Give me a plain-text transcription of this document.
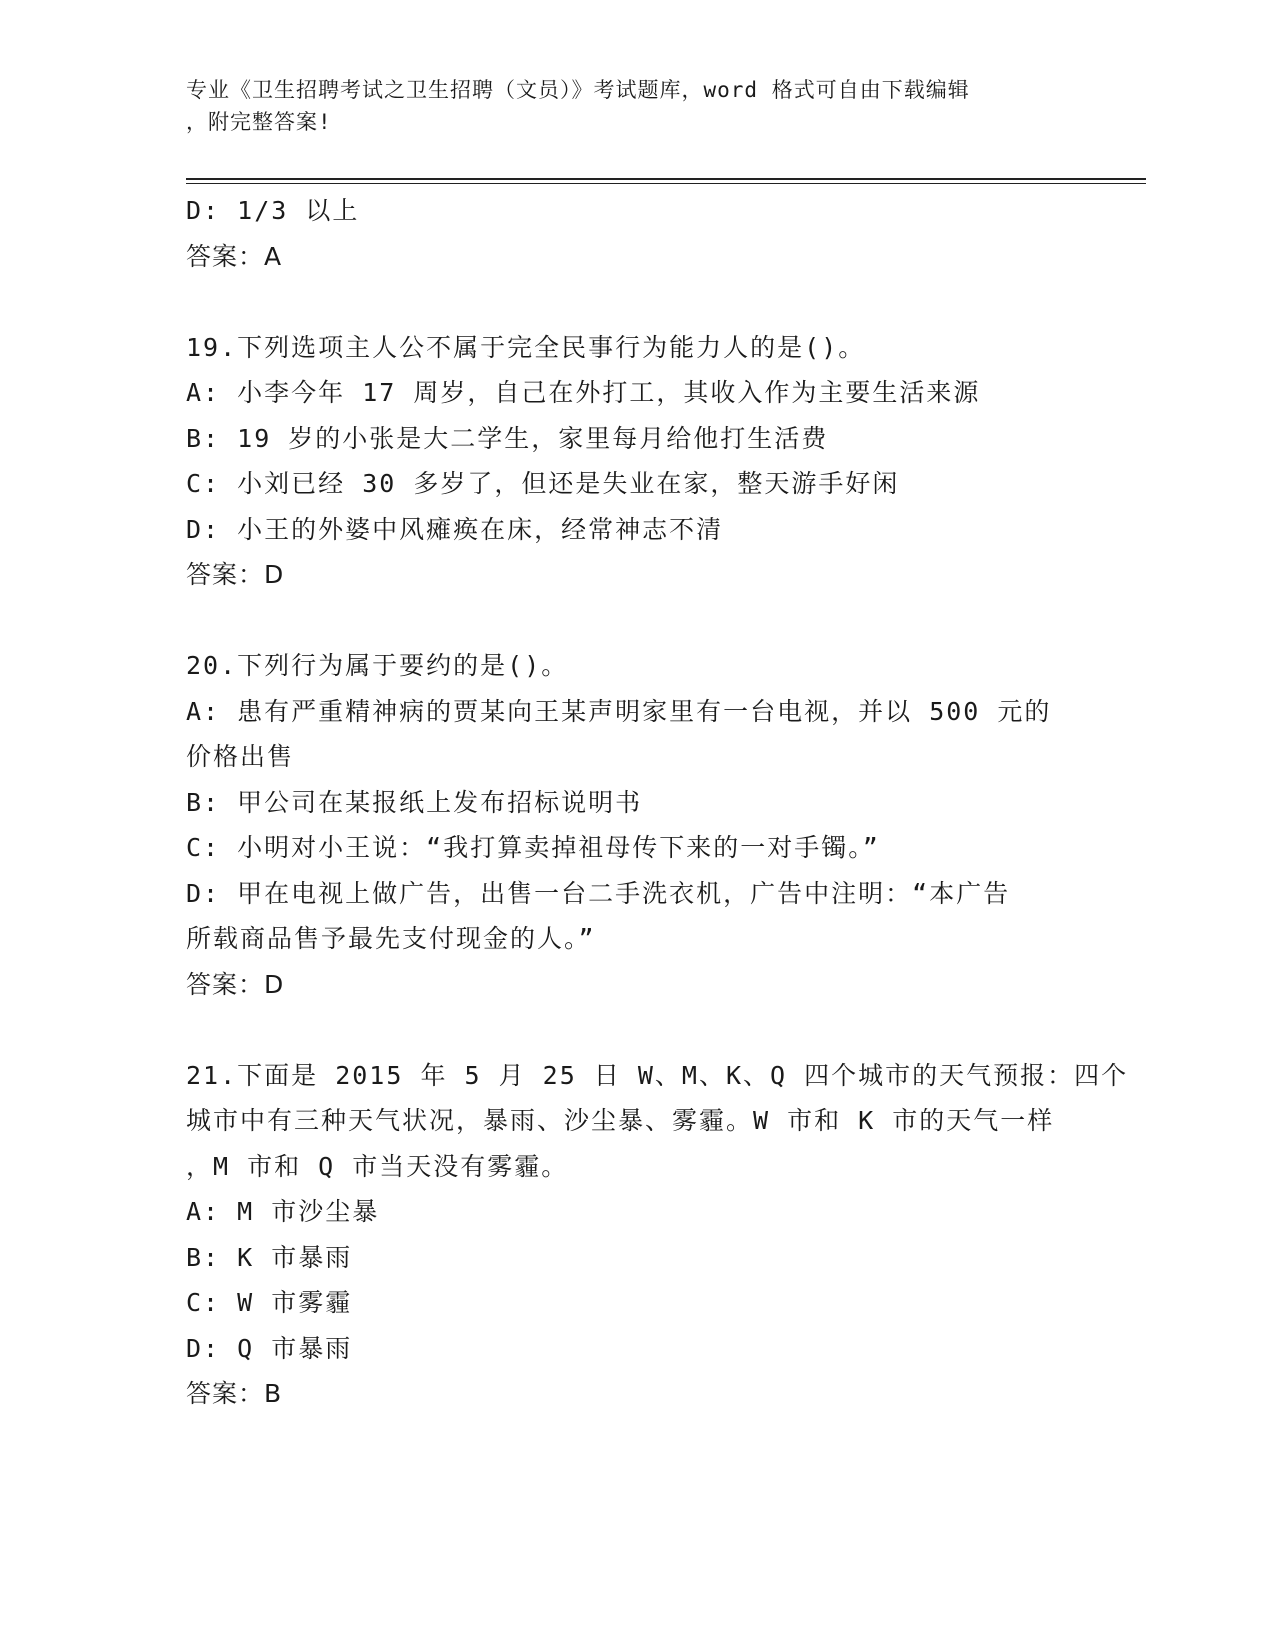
专业《卫生招聘考试之卫生招聘（文员）》考试题库，word 格式可自由下载编辑
，附完整答案!
D: 1/3 以上
答案：A
19.下列选项主人公不属于完全民事行为能力人的是()。
A: 小李今年 17 周岁，自己在外打工，其收入作为主要生活来源
B: 19 岁的小张是大二学生，家里每月给他打生活费
C: 小刘已经 30 多岁了，但还是失业在家，整天游手好闲
D: 小王的外婆中风瘫痪在床，经常神志不清
答案：D
20.下列行为属于要约的是()。
A: 患有严重精神病的贾某向王某声明家里有一台电视，并以 500 元的
价格出售
B: 甲公司在某报纸上发布招标说明书
C: 小明对小王说：“我打算卖掉祖母传下来的一对手镯。”
D: 甲在电视上做广告，出售一台二手洗衣机，广告中注明：“本广告
所载商品售予最先支付现金的人。”
答案：D
21.下面是 2015 年 5 月 25 日 W、M、K、Q 四个城市的天气预报：四个
城市中有三种天气状况，暴雨、沙尘暴、雾霾。W 市和 K 市的天气一样
，M 市和 Q 市当天没有雾霾。
A: M 市沙尘暴
B: K 市暴雨
C: W 市雾霾
D: Q 市暴雨
答案：B
